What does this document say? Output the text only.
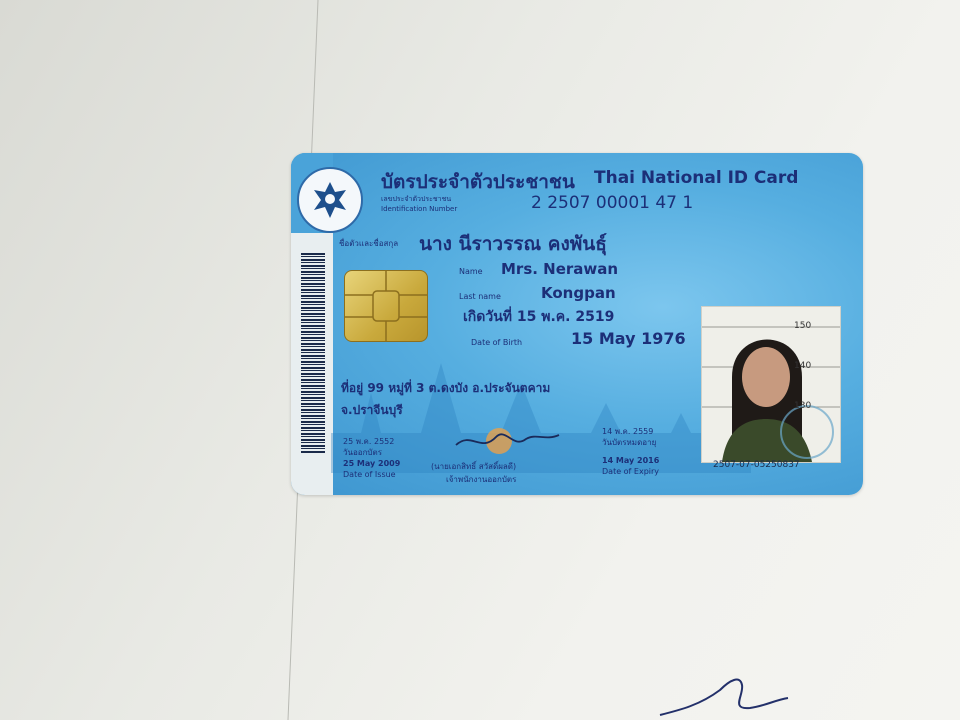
บัตรประจำตัวประชาชน Thai National ID Card
เลขประจำตัวประชาชน
Identification Number	2 2507 00001 47 1
ชื่อตัวและชื่อสกุล นาง นีราวรรณ คงพันธุ์
Name Mrs. Nerawan
Last name	Kongpan
เกิดวันที่ 15 พ.ค. 2519
Date of Birth	15 May 1976
ที่อยู่ 99 หมู่ที่ 3 ต.ดงบัง อ.ประจันตคาม
จ.ปราจีนบุรี
25 พ.ค. 2552
วันออกบัตร
25 May 2009
Date of Issue
(นายเอกสิทธิ์ สวัสดิ์ผลดี)
เจ้าพนักงานออกบัตร
14 พ.ค. 2559
วันบัตรหมดอายุ
14 May 2016
Date of Expiry
150
140
130
2507-07-05250837
